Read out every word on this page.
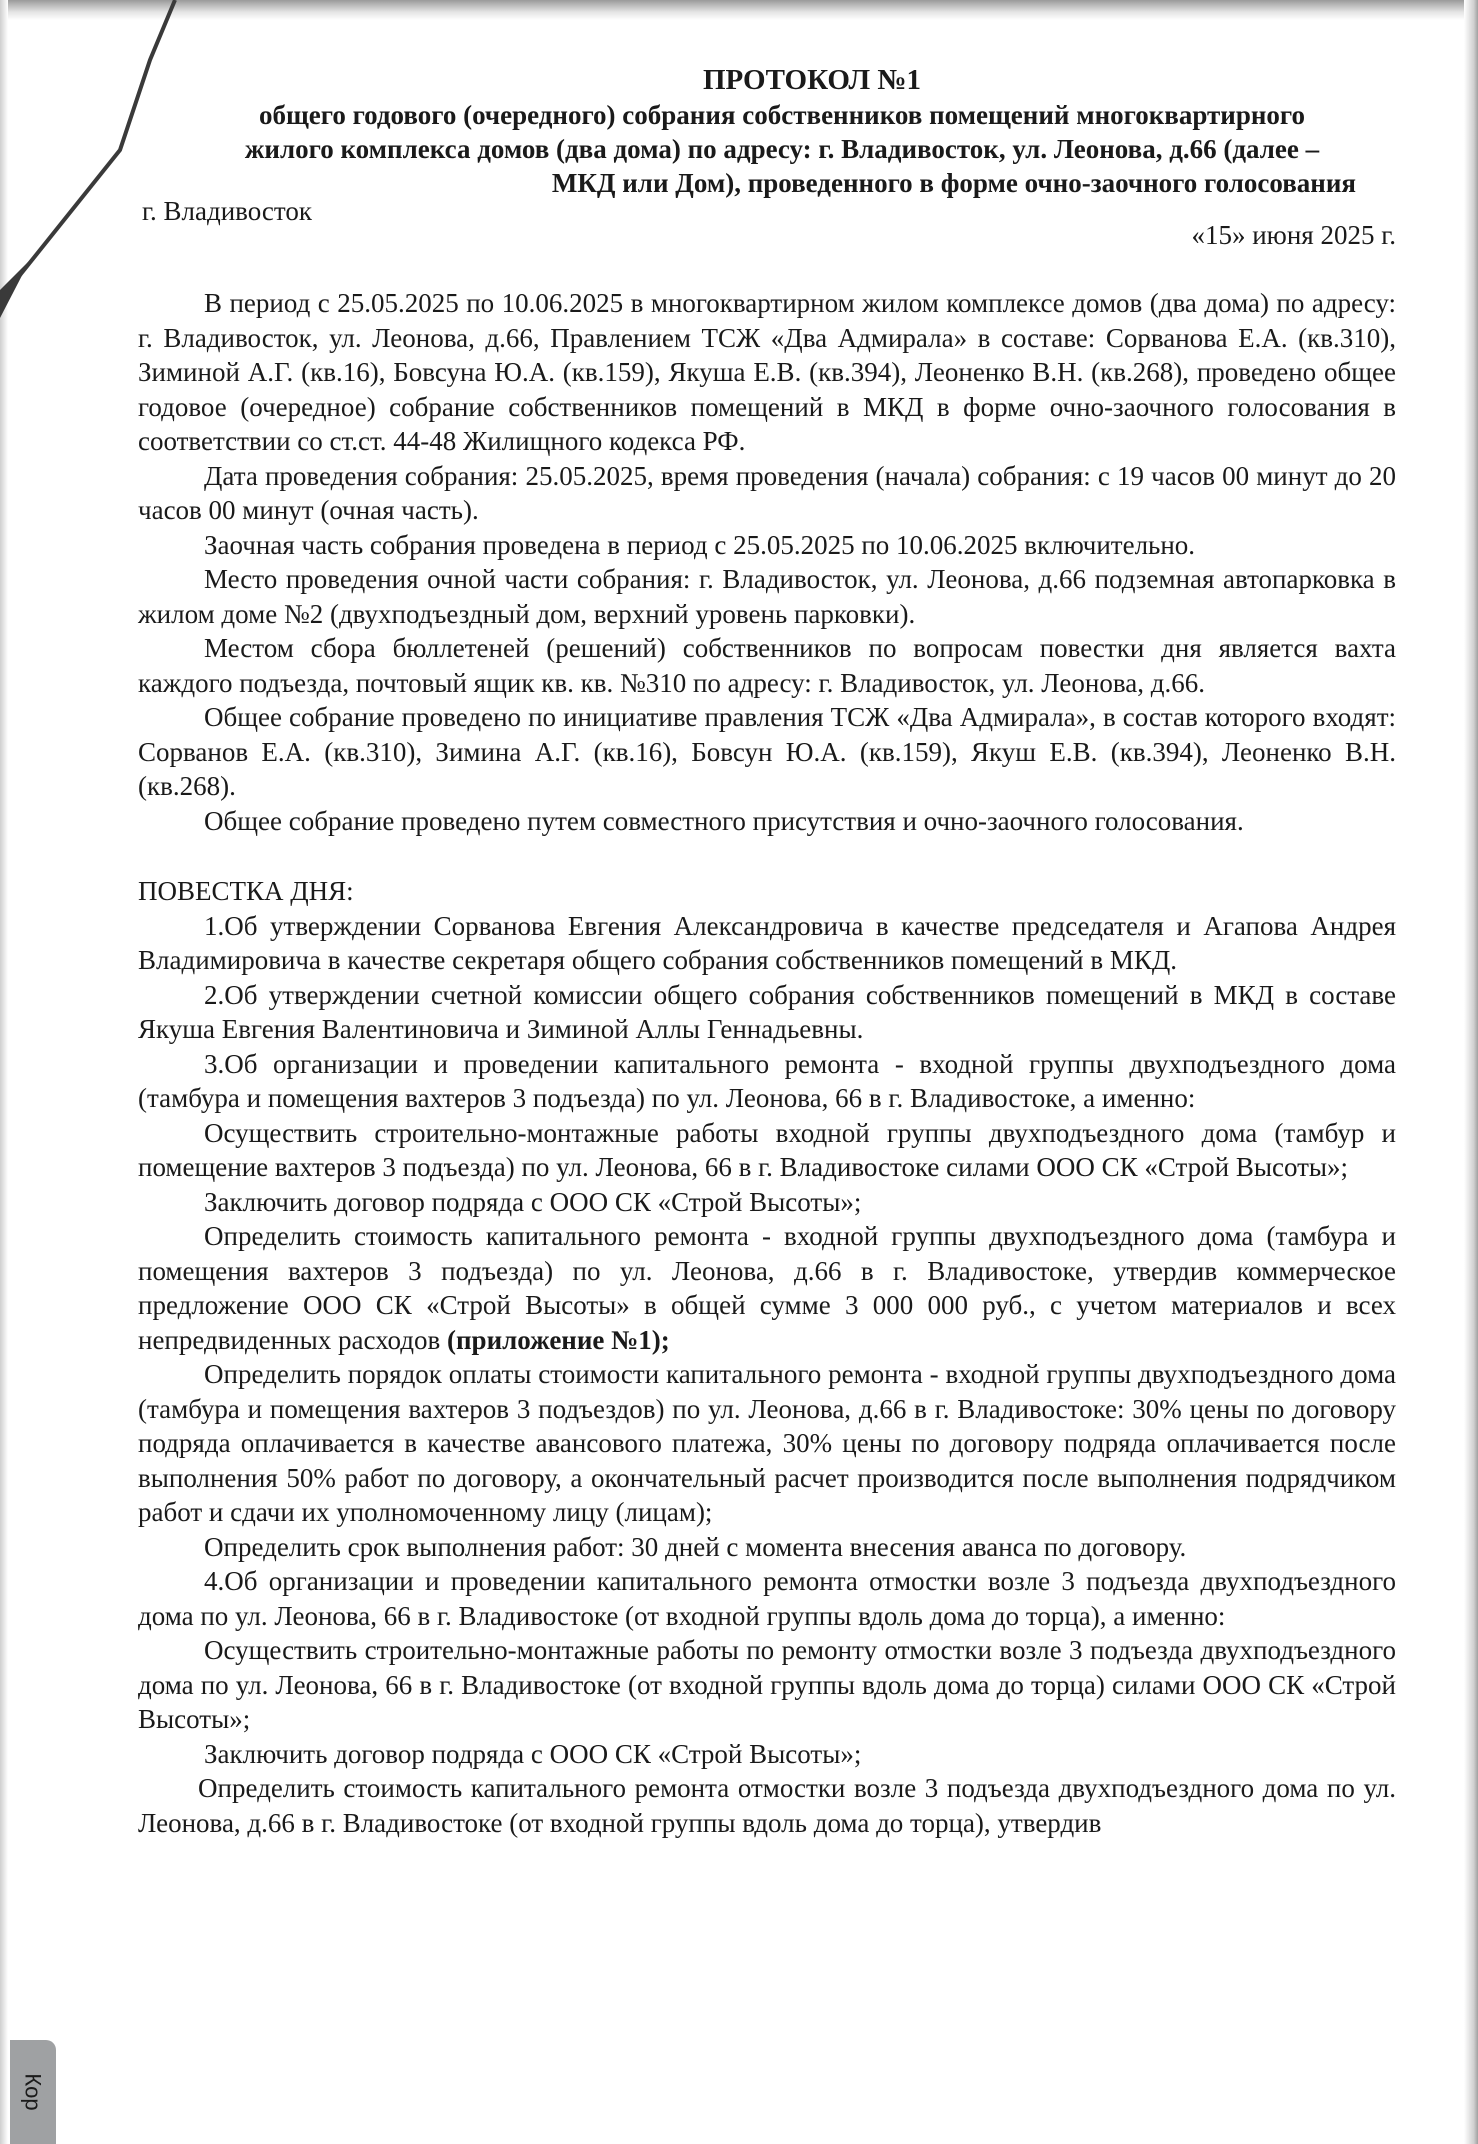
ПРОТОКОЛ №1
общего годового (очередного) собрания собственников помещений многоквартирного
жилого комплекса домов (два дома) по адресу: г. Владивосток, ул. Леонова, д.66 (далее –
МКД или Дом), проведенного в форме очно-заочного голосования
г. Владивосток
«15» июня 2025 г.

В период с 25.05.2025 по 10.06.2025 в многоквартирном жилом комплексе домов (два дома) по адресу: г. Владивосток, ул. Леонова, д.66, Правлением ТСЖ «Два Адмирала» в составе: Сорванова Е.А. (кв.310), Зиминой А.Г. (кв.16), Бовсуна Ю.А. (кв.159), Якуша Е.В. (кв.394), Леоненко В.Н. (кв.268), проведено общее годовое (очередное) собрание собственников помещений в МКД в форме очно-заочного голосования в соответствии со ст.ст. 44-48 Жилищного кодекса РФ.

Дата проведения собрания: 25.05.2025, время проведения (начала) собрания: с 19 часов 00 минут до 20 часов 00 минут (очная часть).

Заочная часть собрания проведена в период с 25.05.2025 по 10.06.2025 включительно.

Место проведения очной части собрания: г. Владивосток, ул. Леонова, д.66 подземная автопарковка в жилом доме №2 (двухподъездный дом, верхний уровень парковки).

Местом сбора бюллетеней (решений) собственников по вопросам повестки дня является вахта каждого подъезда, почтовый ящик кв. кв. №310 по адресу: г. Владивосток, ул. Леонова, д.66.

Общее собрание проведено по инициативе правления ТСЖ «Два Адмирала», в состав которого входят: Сорванов Е.А. (кв.310), Зимина А.Г. (кв.16), Бовсун Ю.А. (кв.159), Якуш Е.В. (кв.394), Леоненко В.Н. (кв.268).

Общее собрание проведено путем совместного присутствия и очно-заочного голосования.

ПОВЕСТКА ДНЯ:

1.Об утверждении Сорванова Евгения Александровича в качестве председателя и Агапова Андрея Владимировича в качестве секретаря общего собрания собственников помещений в МКД.

2.Об утверждении счетной комиссии общего собрания собственников помещений в МКД в составе Якуша Евгения Валентиновича и Зиминой Аллы Геннадьевны.

3.Об организации и проведении капитального ремонта - входной группы двухподъездного дома (тамбура и помещения вахтеров 3 подъезда) по ул. Леонова, 66 в г. Владивостоке, а именно:

Осуществить строительно-монтажные работы входной группы двухподъездного дома (тамбур и помещение вахтеров 3 подъезда) по ул. Леонова, 66 в г. Владивостоке силами ООО СК «Строй Высоты»;

Заключить договор подряда с ООО СК «Строй Высоты»;

Определить стоимость капитального ремонта - входной группы двухподъездного дома (тамбура и помещения вахтеров 3 подъезда) по ул. Леонова, д.66 в г. Владивостоке, утвердив коммерческое предложение ООО СК «Строй Высоты» в общей сумме 3 000 000 руб., с учетом материалов и всех непредвиденных расходов (приложение №1);

Определить порядок оплаты стоимости капитального ремонта - входной группы двухподъездного дома (тамбура и помещения вахтеров 3 подъездов) по ул. Леонова, д.66 в г. Владивостоке: 30% цены по договору подряда оплачивается в качестве авансового платежа, 30% цены по договору подряда оплачивается после выполнения 50% работ по договору, а окончательный расчет производится после выполнения подрядчиком работ и сдачи их уполномоченному лицу (лицам);

Определить срок выполнения работ: 30 дней с момента внесения аванса по договору.

4.Об организации и проведении капитального ремонта отмостки возле 3 подъезда двухподъездного дома по ул. Леонова, 66 в г. Владивостоке (от входной группы вдоль дома до торца), а именно:

Осуществить строительно-монтажные работы по ремонту отмостки возле 3 подъезда двухподъездного дома по ул. Леонова, 66 в г. Владивостоке (от входной группы вдоль дома до торца) силами ООО СК «Строй Высоты»;

Заключить договор подряда с ООО СК «Строй Высоты»;

Определить стоимость капитального ремонта отмостки возле 3 подъезда двухподъездного дома по ул. Леонова, д.66 в г. Владивостоке (от входной группы вдоль дома до торца), утвердив

Кор
